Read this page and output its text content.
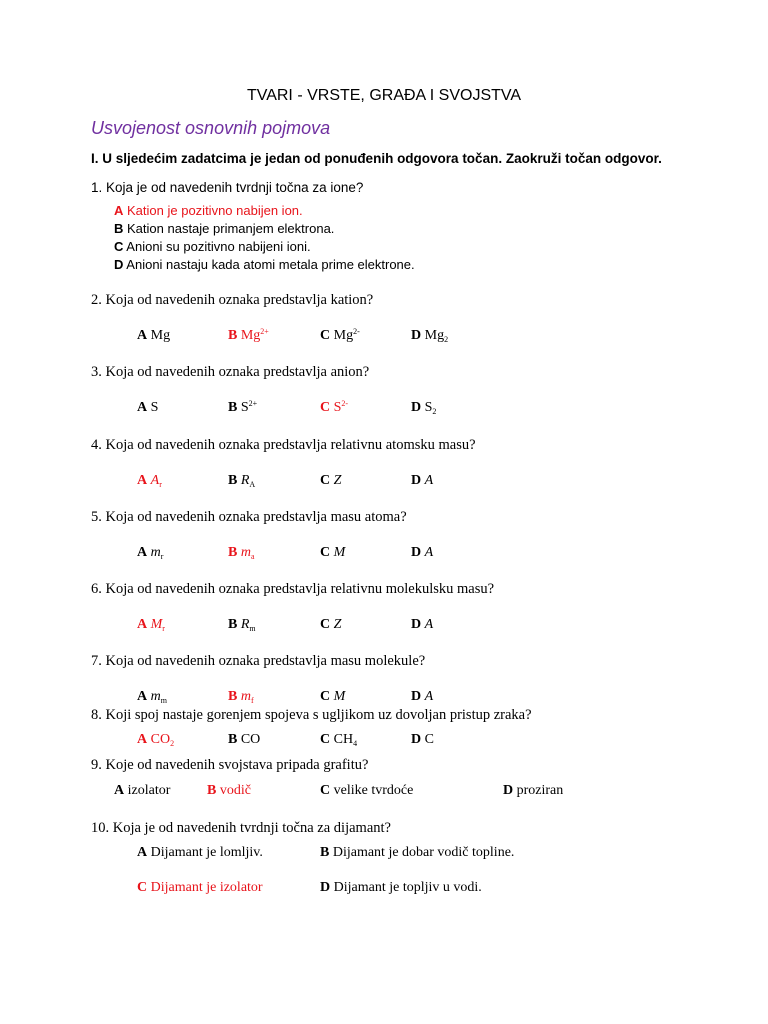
TVARI - VRSTE, GRAĐA I SVOJSTVA
Usvojenost osnovnih pojmova
I. U sljedećim zadatcima je jedan od ponuđenih odgovora točan. Zaokruži točan odgovor.
1. Koja je od navedenih tvrdnji točna za ione?
A Kation je pozitivno nabijen ion.
B Kation nastaje primanjem elektrona.
C Anioni su pozitivno nabijeni ioni.
D Anioni nastaju kada atomi metala prime elektrone.
2. Koja od navedenih oznaka predstavlja kation?
A Mg	B $Mg^{2+}$	C $Mg^{2-}$	D $Mg_2$
3. Koja od navedenih oznaka predstavlja anion?
A S	B $S^{2+}$	C $S^{2-}$	D $S_2$
4. Koja od navedenih oznaka predstavlja relativnu atomsku masu?
A $A_r$	B $R_A$	C Z	D A
5. Koja od navedenih oznaka predstavlja masu atoma?
A $m_r$	B $m_a$	C M	D A
6. Koja od navedenih oznaka predstavlja relativnu molekulsku masu?
A $M_r$	B $R_m$	C Z	D A
7. Koja od navedenih oznaka predstavlja masu molekule?
A $m_m$	B $m_f$	C M	D A
8. Koji spoj nastaje gorenjem spojeva s ugljikom uz dovoljan pristup zraka?
A $CO_2$	B CO	C $CH_4$	D C
9. Koje od navedenih svojstava pripada grafitu?
A izolator	B vodič	C velike tvrdoće	D proziran
10. Koja je od navedenih tvrdnji točna za dijamant?
A Dijamant je lomljiv.	B Dijamant je dobar vodič topline.
C Dijamant je izolator	D Dijamant je topljiv u vodi.
